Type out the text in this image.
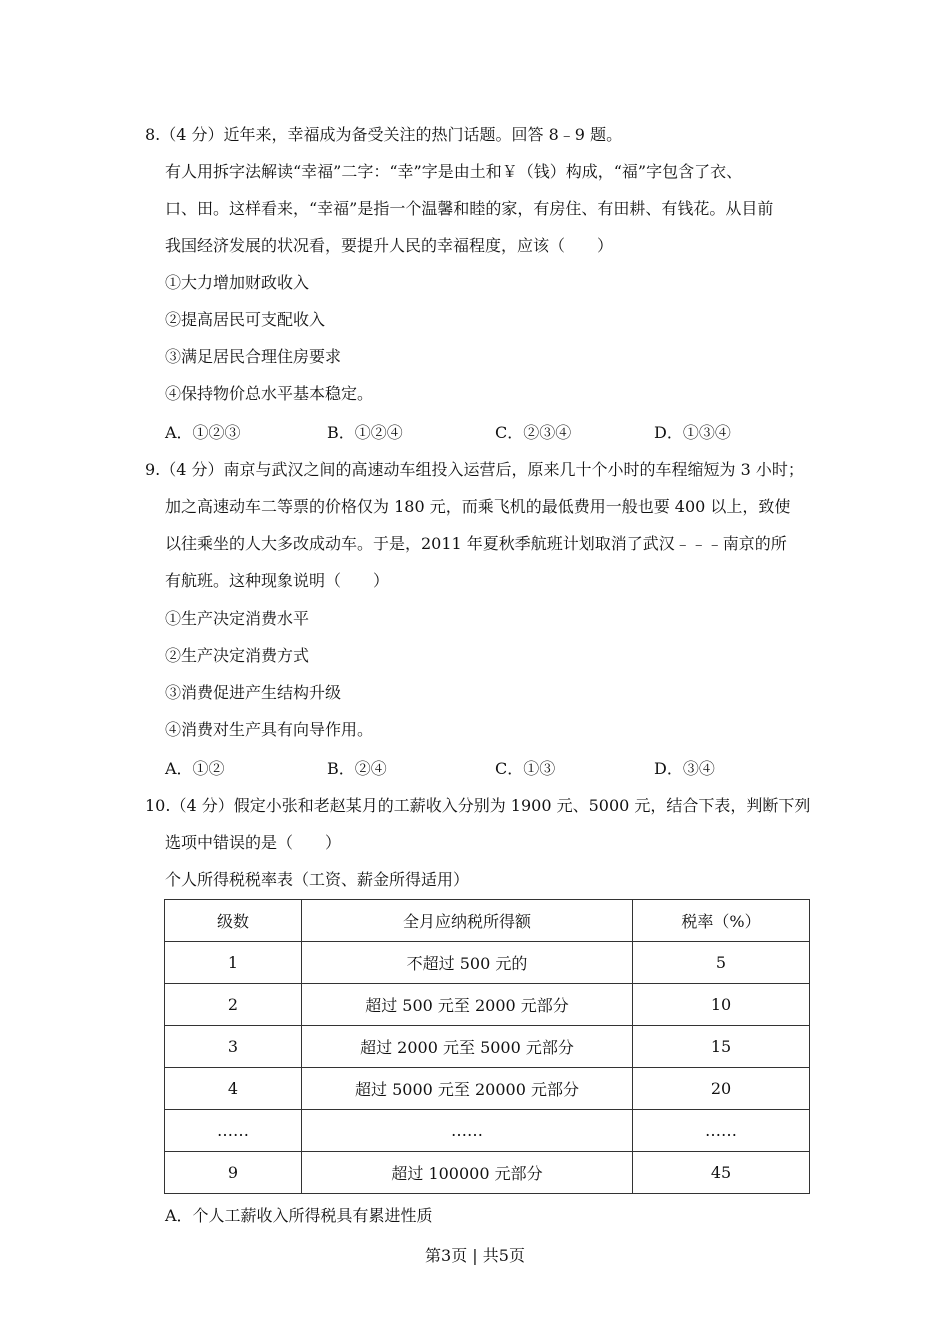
8.（4 分）近年来，幸福成为备受关注的热门话题。回答 8﹣9 题。
有人用拆字法解读“幸福”二字：“幸”字是由土和￥（钱）构成，“福”字包含了衣、
口、田。这样看来，“幸福”是指一个温馨和睦的家，有房住、有田耕、有钱花。从目前
我国经济发展的状况看，要提升人民的幸福程度，应该（　　）
①大力增加财政收入
②提高居民可支配收入
③满足居民合理住房要求
④保持物价总水平基本稳定。
A．①②③	B．①②④	C．②③④	D．①③④
9.（4 分）南京与武汉之间的高速动车组投入运营后，原来几十个小时的车程缩短为 3 小时；
加之高速动车二等票的价格仅为 180 元，而乘飞机的最低费用一般也要 400 以上，致使
以往乘坐的人大多改成动车。于是，2011 年夏秋季航班计划取消了武汉﹣﹣﹣南京的所
有航班。这种现象说明（　　）
①生产决定消费水平
②生产决定消费方式
③消费促进产生结构升级
④消费对生产具有向导作用。
A．①②	B．②④	C．①③	D．③④
10.（4 分）假定小张和老赵某月的工薪收入分别为 1900 元、5000 元，结合下表，判断下列
选项中错误的是（　　）
个人所得税税率表（工资、薪金所得适用）
级数	全月应纳税所得额	税率（%）
1	不超过 500 元的	5
2	超过 500 元至 2000 元部分	10
3	超过 2000 元至 5000 元部分	15
4	超过 5000 元至 20000 元部分	20
……	……	……
9	超过 100000 元部分	45
A．个人工薪收入所得税具有累进性质
第3页 | 共5页
